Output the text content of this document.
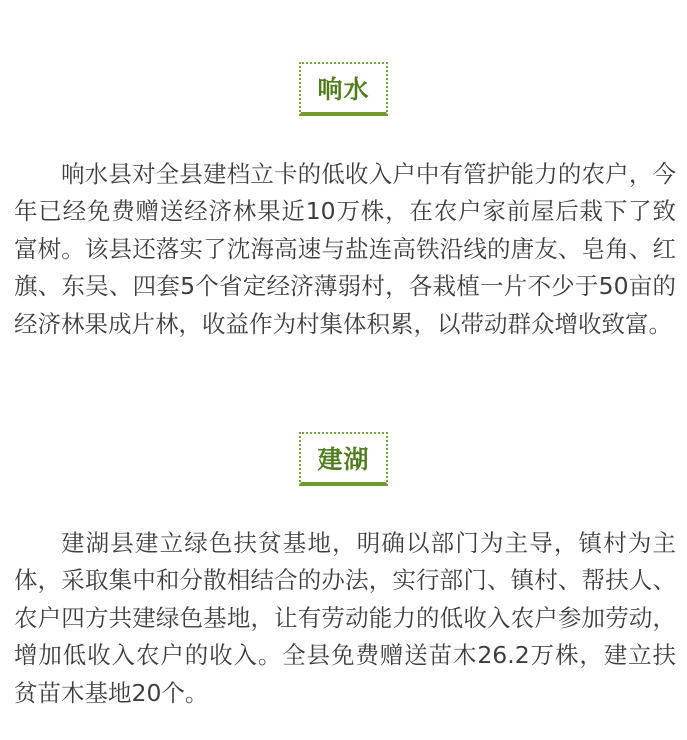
响水

响水县对全县建档立卡的低收入户中有管护能力的农户，今年已经免费赠送经济林果近10万株，在农户家前屋后栽下了致富树。该县还落实了沈海高速与盐连高铁沿线的唐友、皂角、红旗、东吴、四套5个省定经济薄弱村，各栽植一片不少于50亩的经济林果成片林，收益作为村集体积累，以带动群众增收致富。

建湖

建湖县建立绿色扶贫基地，明确以部门为主导，镇村为主体，采取集中和分散相结合的办法，实行部门、镇村、帮扶人、农户四方共建绿色基地，让有劳动能力的低收入农户参加劳动，增加低收入农户的收入。全县免费赠送苗木26.2万株，建立扶贫苗木基地20个。
